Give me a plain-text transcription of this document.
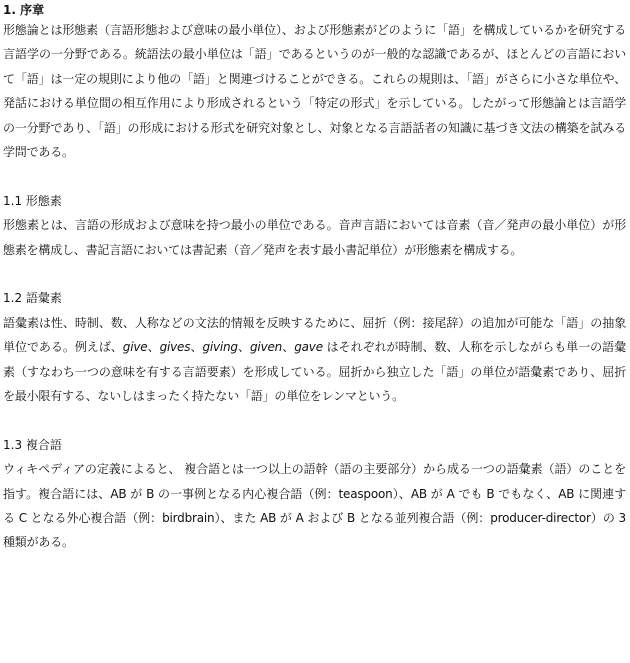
1. 序章

形態論とは形態素（言語形態および意味の最小単位）、および形態素がどのように「語」を構成しているかを研究する言語学の一分野である。統語法の最小単位は「語」であるというのが一般的な認識であるが、ほとんどの言語において「語」は一定の規則により他の「語」と関連づけることができる。これらの規則は、「語」がさらに小さな単位や、発話における単位間の相互作用により形成されるという「特定の形式」を示している。したがって形態論とは言語学の一分野であり、「語」の形成における形式を研究対象とし、対象となる言語話者の知識に基づき文法の構築を試みる学問である。

1.1 形態素

形態素とは、言語の形成および意味を持つ最小の単位である。音声言語においては音素（音／発声の最小単位）が形態素を構成し、書記言語においては書記素（音／発声を表す最小書記単位）が形態素を構成する。

1.2 語彙素

語彙素は性、時制、数、人称などの文法的情報を反映するために、屈折（例：接尾辞）の追加が可能な「語」の抽象単位である。例えば、give、gives、giving、given、gave はそれぞれが時制、数、人称を示しながらも単一の語彙素（すなわち一つの意味を有する言語要素）を形成している。屈折から独立した「語」の単位が語彙素であり、屈折を最小限有する、ないしはまったく持たない「語」の単位をレンマという。

1.3 複合語

ウィキペディアの定義によると、 複合語とは一つ以上の語幹（語の主要部分）から成る一つの語彙素（語）のことを指す。複合語には、AB が B の一事例となる内心複合語（例：teaspoon）、AB が A でも B でもなく、AB に関連する C となる外心複合語（例：birdbrain）、また AB が A および B となる並列複合語（例：producer-director）の 3 種類がある。
